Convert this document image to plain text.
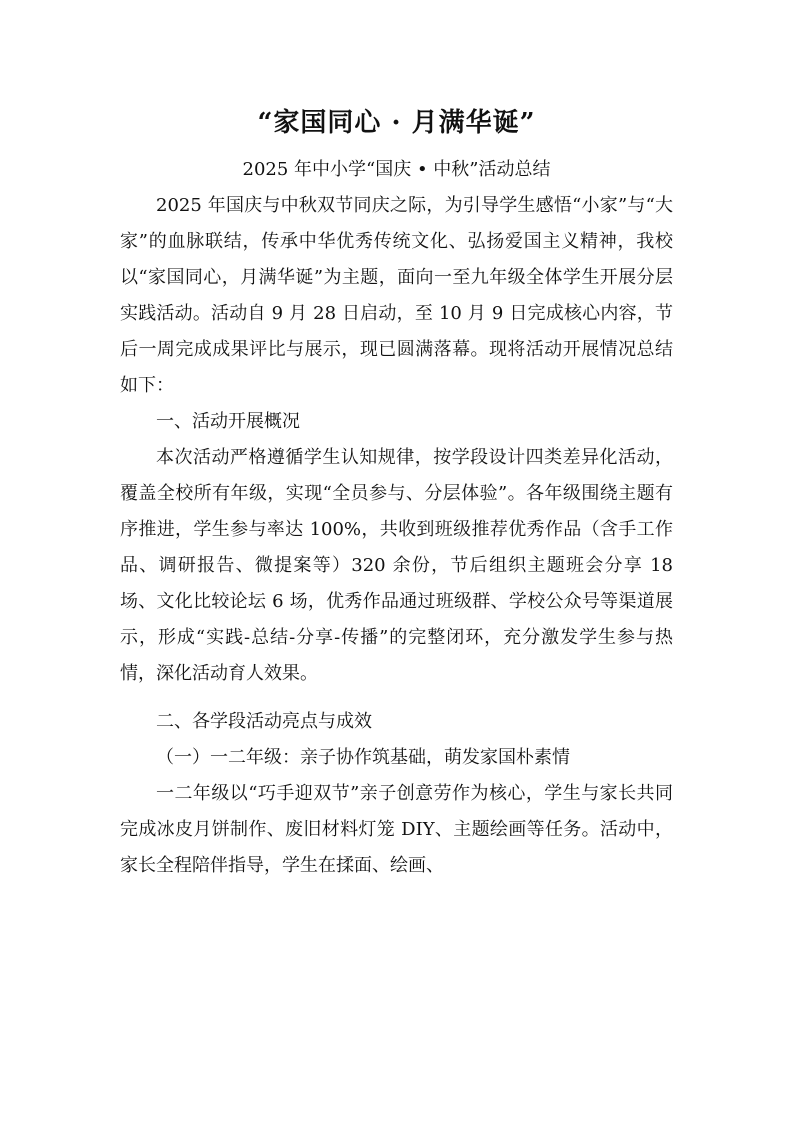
“家国同心 · 月满华诞”

2025 年中小学“国庆 • 中秋”活动总结

2025 年国庆与中秋双节同庆之际，为引导学生感悟“小家”与“大家”的血脉联结，传承中华优秀传统文化、弘扬爱国主义精神，我校以“家国同心，月满华诞”为主题，面向一至九年级全体学生开展分层实践活动。活动自 9 月 28 日启动，至 10 月 9 日完成核心内容，节后一周完成成果评比与展示，现已圆满落幕。现将活动开展情况总结如下：

一、活动开展概况

本次活动严格遵循学生认知规律，按学段设计四类差异化活动，覆盖全校所有年级，实现“全员参与、分层体验”。各年级围绕主题有序推进，学生参与率达 100%，共收到班级推荐优秀作品（含手工作品、调研报告、微提案等）320 余份，节后组织主题班会分享 18 场、文化比较论坛 6 场，优秀作品通过班级群、学校公众号等渠道展示，形成“实践-总结-分享-传播”的完整闭环，充分激发学生参与热情，深化活动育人效果。

二、各学段活动亮点与成效

（一）一二年级：亲子协作筑基础，萌发家国朴素情

一二年级以“巧手迎双节”亲子创意劳作为核心，学生与家长共同完成冰皮月饼制作、废旧材料灯笼 DIY、主题绘画等任务。活动中，家长全程陪伴指导，学生在揉面、绘画、
